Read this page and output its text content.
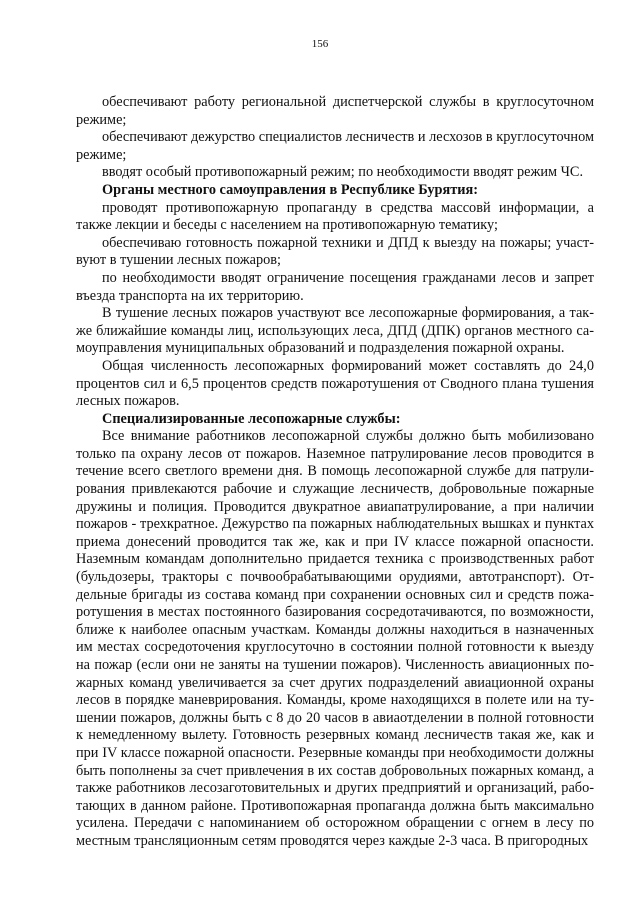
156

обеспечивают работу региональной диспетчерской службы в круглосуточном режиме;

обеспечивают дежурство специалистов лесничеств и лесхозов в круглосуточном режиме;

вводят особый противопожарный режим; по необходимости вводят режим ЧС.

Органы местного самоуправления в Республике Бурятия:

проводят противопожарную пропаганду в средства массовй информации, а также лекции и беседы с населением на противопожарную тематику;

обеспечиваю готовность пожарной техники и ДПД к выезду на пожары; участвуют в тушении лесных пожаров;

по необходимости вводят ограничение посещения гражданами лесов и запрет въезда транспорта на их территорию.

В тушение лесных пожаров участвуют все лесопожарные формирования, а также ближайшие команды лиц, использующих леса, ДПД (ДПК) органов местного самоуправления муниципальных образований и подразделения пожарной охраны.

Общая численность лесопожарных формирований может составлять до 24,0 процентов сил и 6,5 процентов средств пожаротушения от Сводного плана тушения лесных пожаров.

Специализированные лесопожарные службы:

Все внимание работников лесопожарной службы должно быть мобилизовано только па охрану лесов от пожаров. Наземное патрулирование лесов проводится в течение всего светлого времени дня. В помощь лесопожарной службе для патрулирования привлекаются рабочие и служащие лесничеств, добровольные пожарные дружины и полиция. Проводится двукратное авиапатрулирование, а при наличии пожаров - трехкратное. Дежурство па пожарных наблюдательных вышках и пунктах приема донесений проводится так же, как и при IV классе пожарной опасности. Наземным командам дополнительно придается техника с производственных работ (бульдозеры, тракторы с почвообрабатывающими орудиями, автотранспорт). Отдельные бригады из состава команд при сохранении основных сил и средств пожаротушения в местах постоянного базирования сосредотачиваются, по возможности, ближе к наиболее опасным участкам. Команды должны находиться в назначенных им местах сосредоточения круглосуточно в состоянии полной готовности к выезду на пожар (если они не заняты на тушении пожаров). Численность авиационных пожарных команд увеличивается за счет других подразделений авиационной охраны лесов в порядке маневрирования. Команды, кроме находящихся в полете или на тушении пожаров, должны быть с 8 до 20 часов в авиаотделении в полной готовности к немедленному вылету. Готовность резервных команд лесничеств такая же, как и при IV классе пожарной опасности. Резервные команды при необходимости должны быть пополнены за счет привлечения в их состав добровольных пожарных команд, а также работников лесозаготовительных и других предприятий и организаций, работающих в данном районе. Противопожарная пропаганда должна быть максимально усилена. Передачи с напоминанием об осторожном обращении с огнем в лесу по местным трансляционным сетям проводятся через каждые 2-3 часа. В пригородных
